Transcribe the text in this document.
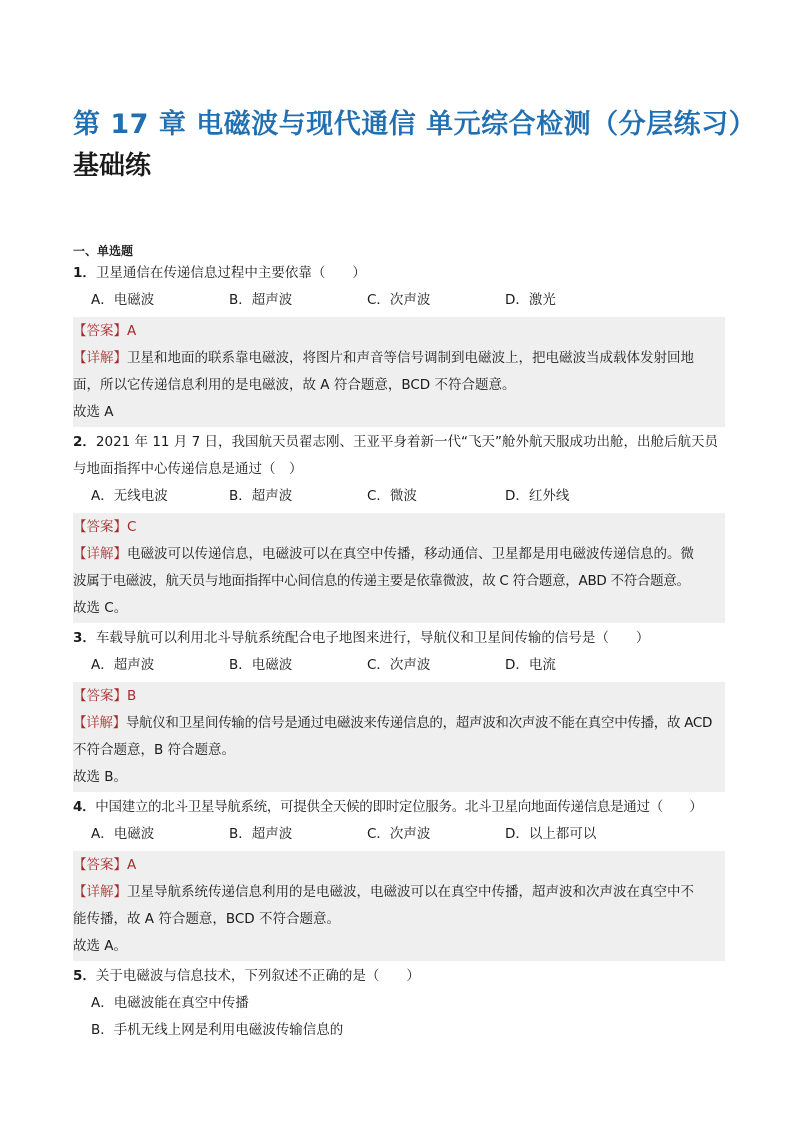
第 17 章 电磁波与现代通信 单元综合检测（分层练习）
基础练
一、单选题
1．卫星通信在传递信息过程中主要依靠（　　）
A．电磁波	B．超声波	C．次声波	D．激光
【答案】A
【详解】卫星和地面的联系靠电磁波，将图片和声音等信号调制到电磁波上，把电磁波当成载体发射回地
面，所以它传递信息利用的是电磁波，故 A 符合题意，BCD 不符合题意。
故选 A
2．2021 年 11 月 7 日，我国航天员翟志刚、王亚平身着新一代“飞天”舱外航天服成功出舱，出舱后航天员
与地面指挥中心传递信息是通过（　）
A．无线电波	B．超声波	C．微波	D．红外线
【答案】C
【详解】电磁波可以传递信息，电磁波可以在真空中传播，移动通信、卫星都是用电磁波传递信息的。微
波属于电磁波，航天员与地面指挥中心间信息的传递主要是依靠微波，故 C 符合题意，ABD 不符合题意。
故选 C。
3．车载导航可以利用北斗导航系统配合电子地图来进行，导航仪和卫星间传输的信号是（　　）
A．超声波	B．电磁波	C．次声波	D．电流
【答案】B
【详解】导航仪和卫星间传输的信号是通过电磁波来传递信息的，超声波和次声波不能在真空中传播，故 ACD
不符合题意，B 符合题意。
故选 B。
4．中国建立的北斗卫星导航系统，可提供全天候的即时定位服务。北斗卫星向地面传递信息是通过（　　）
A．电磁波	B．超声波	C．次声波	D．以上都可以
【答案】A
【详解】卫星导航系统传递信息利用的是电磁波，电磁波可以在真空中传播，超声波和次声波在真空中不
能传播，故 A 符合题意，BCD 不符合题意。
故选 A。
5．关于电磁波与信息技术，下列叙述不正确的是（　　）
A．电磁波能在真空中传播
B．手机无线上网是利用电磁波传输信息的
